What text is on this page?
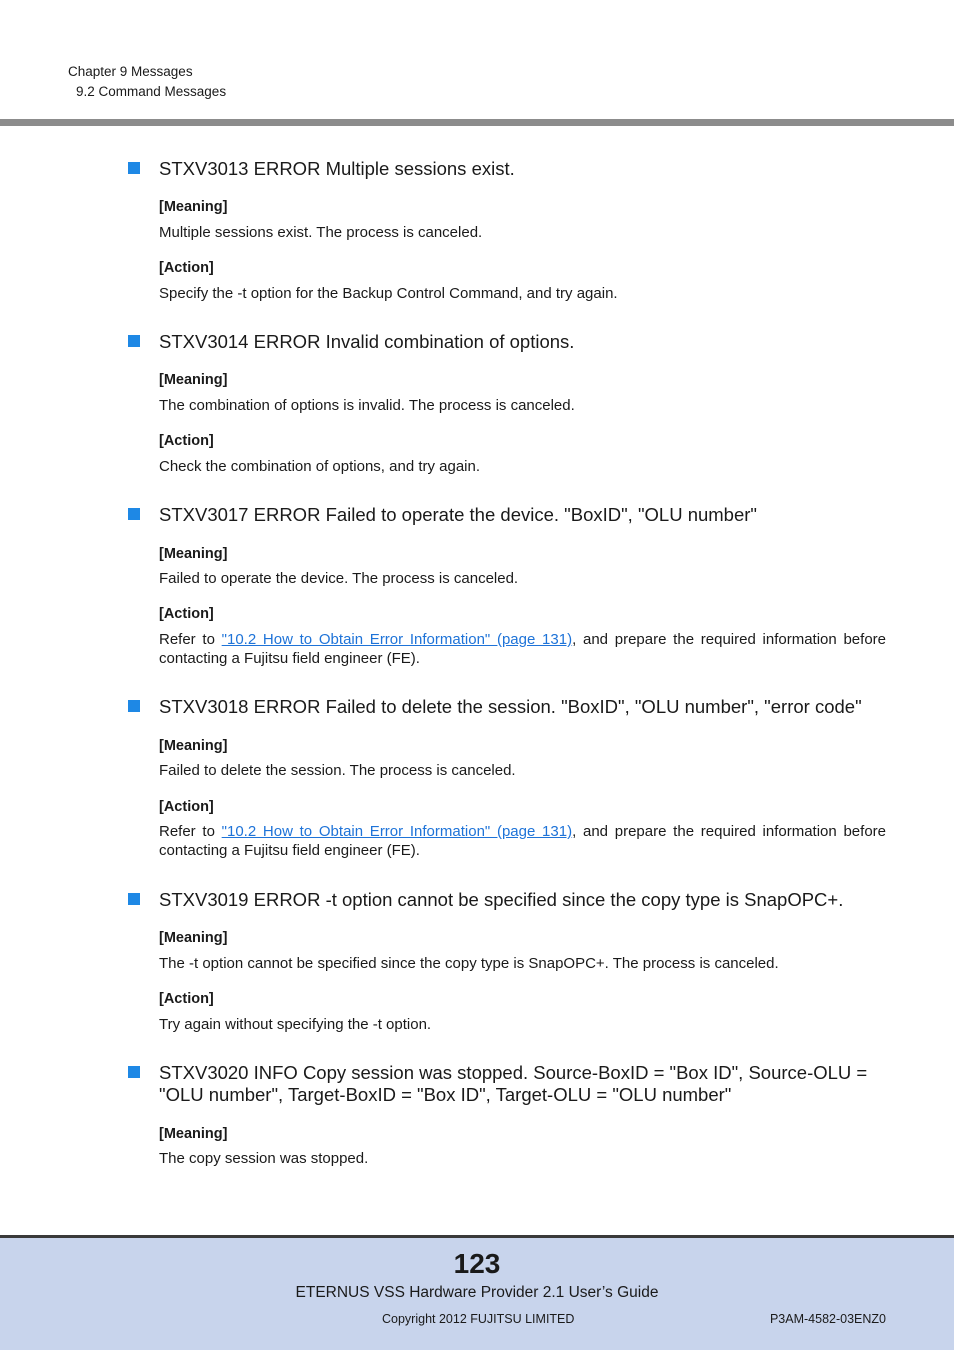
Chapter 9 Messages
9.2 Command Messages
STXV3013 ERROR Multiple sessions exist.
[Meaning]
Multiple sessions exist. The process is canceled.
[Action]
Specify the -t option for the Backup Control Command, and try again.
STXV3014 ERROR Invalid combination of options.
[Meaning]
The combination of options is invalid. The process is canceled.
[Action]
Check the combination of options, and try again.
STXV3017 ERROR Failed to operate the device. "BoxID", "OLU number"
[Meaning]
Failed to operate the device. The process is canceled.
[Action]
Refer to "10.2 How to Obtain Error Information" (page 131), and prepare the required information before contacting a Fujitsu field engineer (FE).
STXV3018 ERROR Failed to delete the session. "BoxID", "OLU number", "error code"
[Meaning]
Failed to delete the session. The process is canceled.
[Action]
Refer to "10.2 How to Obtain Error Information" (page 131), and prepare the required information before contacting a Fujitsu field engineer (FE).
STXV3019 ERROR -t option cannot be specified since the copy type is SnapOPC+.
[Meaning]
The -t option cannot be specified since the copy type is SnapOPC+. The process is canceled.
[Action]
Try again without specifying the -t option.
STXV3020 INFO Copy session was stopped. Source-BoxID = "Box ID", Source-OLU = "OLU number", Target-BoxID = "Box ID", Target-OLU = "OLU number"
[Meaning]
The copy session was stopped.
123
ETERNUS VSS Hardware Provider 2.1 User’s Guide
Copyright 2012 FUJITSU LIMITED	P3AM-4582-03ENZ0
